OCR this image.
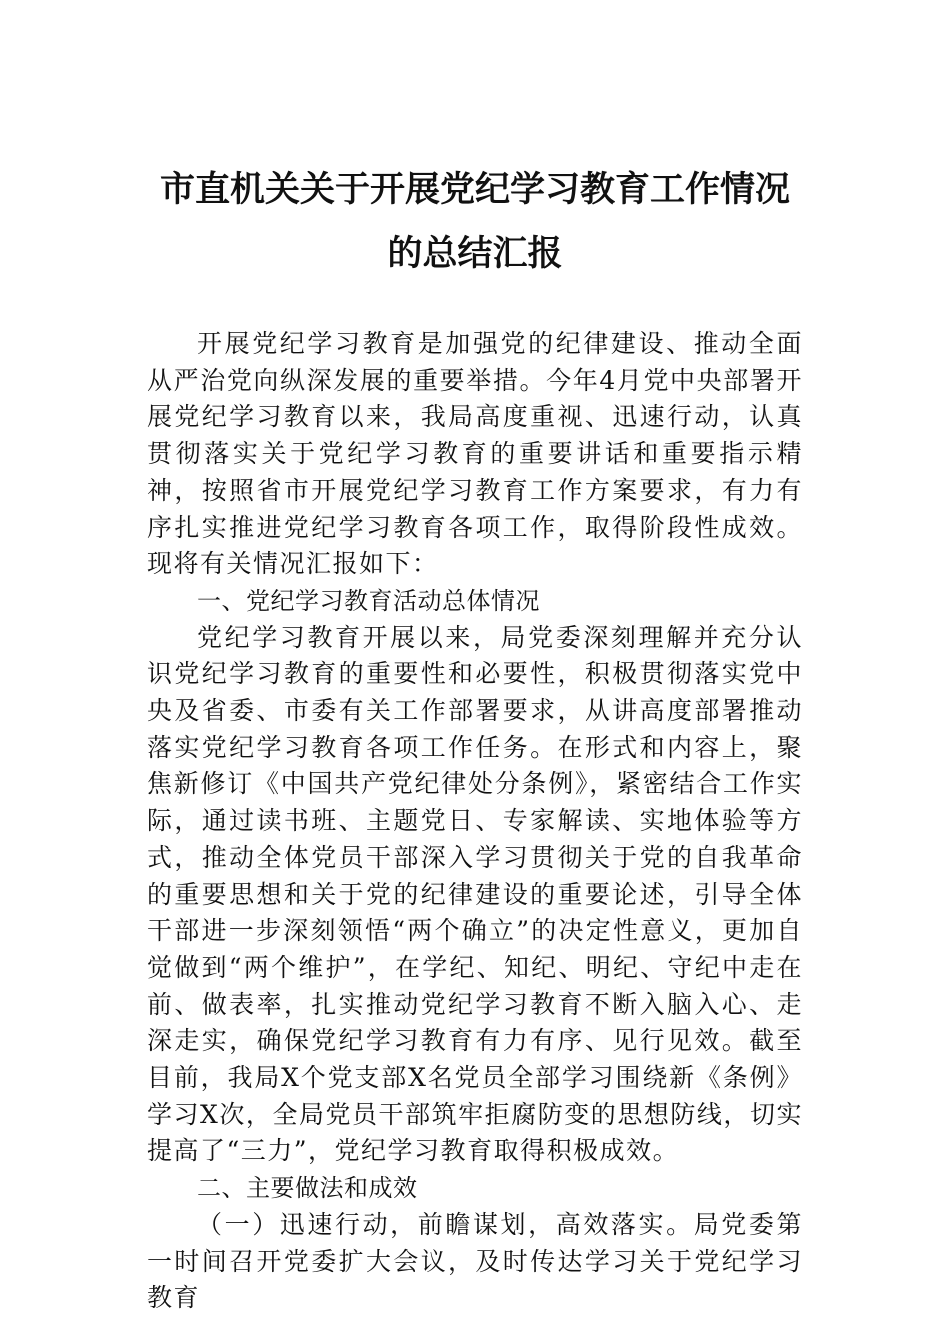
市直机关关于开展党纪学习教育工作情况
的总结汇报

开展党纪学习教育是加强党的纪律建设、推动全面从严治党向纵深发展的重要举措。今年4月党中央部署开展党纪学习教育以来，我局高度重视、迅速行动，认真贯彻落实关于党纪学习教育的重要讲话和重要指示精神，按照省市开展党纪学习教育工作方案要求，有力有序扎实推进党纪学习教育各项工作，取得阶段性成效。现将有关情况汇报如下：

一、党纪学习教育活动总体情况

党纪学习教育开展以来，局党委深刻理解并充分认识党纪学习教育的重要性和必要性，积极贯彻落实党中央及省委、市委有关工作部署要求，从讲高度部署推动落实党纪学习教育各项工作任务。在形式和内容上，聚焦新修订《中国共产党纪律处分条例》，紧密结合工作实际，通过读书班、主题党日、专家解读、实地体验等方式，推动全体党员干部深入学习贯彻关于党的自我革命的重要思想和关于党的纪律建设的重要论述，引导全体干部进一步深刻领悟“两个确立”的决定性意义，更加自觉做到“两个维护”，在学纪、知纪、明纪、守纪中走在前、做表率，扎实推动党纪学习教育不断入脑入心、走深走实，确保党纪学习教育有力有序、见行见效。截至目前，我局X个党支部X名党员全部学习围绕新《条例》学习X次，全局党员干部筑牢拒腐防变的思想防线，切实提高了“三力”，党纪学习教育取得积极成效。

二、主要做法和成效

（一）迅速行动，前瞻谋划，高效落实。局党委第一时间召开党委扩大会议，及时传达学习关于党纪学习教育
